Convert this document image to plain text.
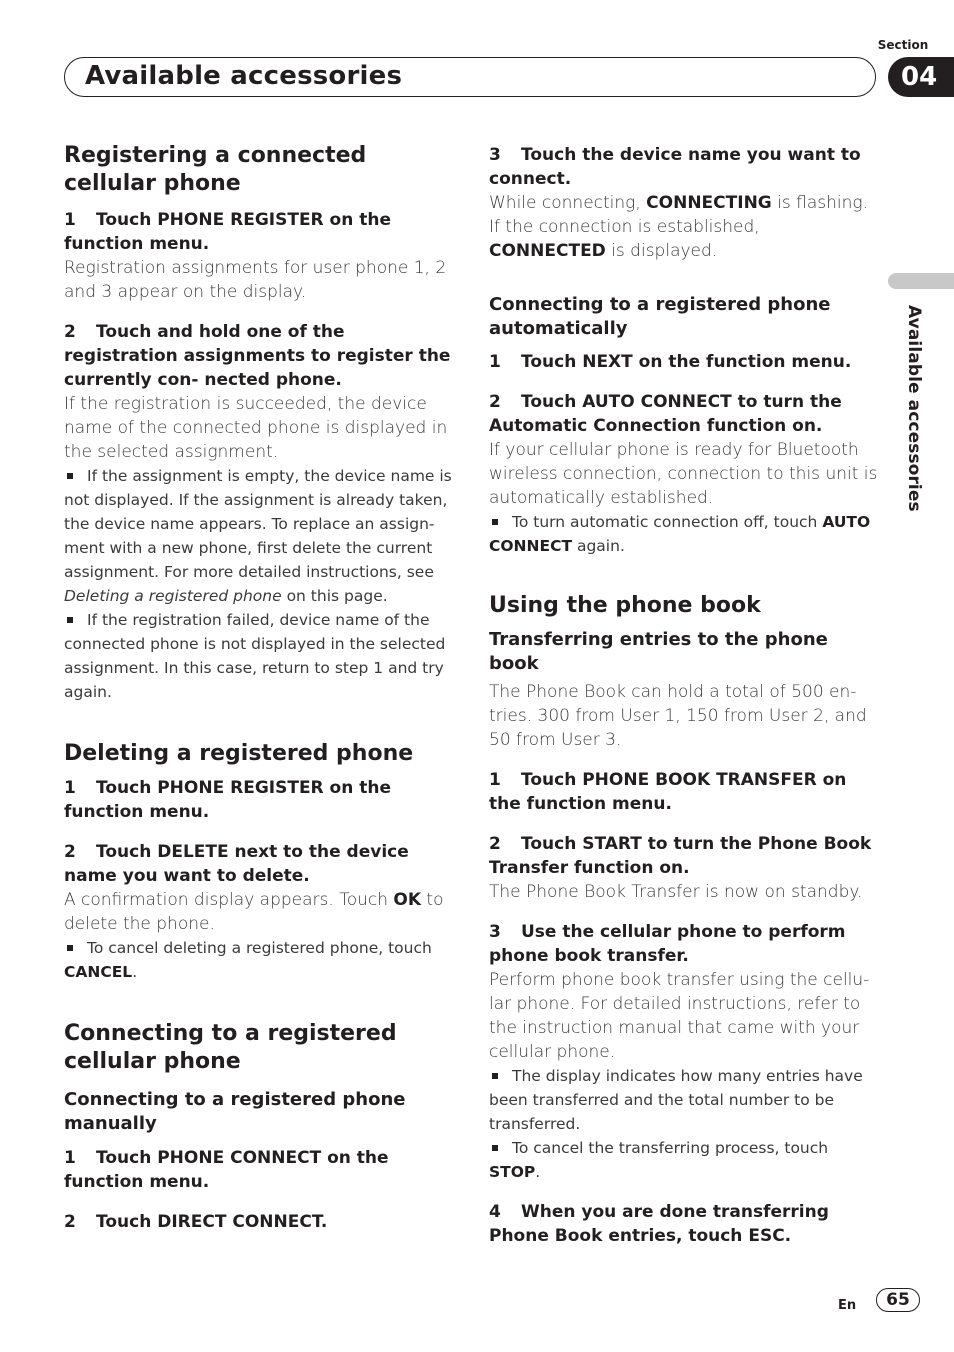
Section
Available accessories	04
Available accessories
Registering a connected cellular phone
1 Touch PHONE REGISTER on the function menu.

Registration assignments for user phone 1, 2 and 3 appear on the display.

2 Touch and hold one of the registration assignments to register the currently con- nected phone.

If the registration is succeeded, the device name of the connected phone is displayed in the selected assignment.

If the assignment is empty, the device name is not displayed. If the assignment is already taken, the device name appears. To replace an assign- ment with a new phone, first delete the current assignment. For more detailed instructions, see Deleting a registered phone on this page.

If the registration failed, device name of the connected phone is not displayed in the selected assignment. In this case, return to step 1 and try again.

Deleting a registered phone
1 Touch PHONE REGISTER on the function menu.
2 Touch DELETE next to the device name you want to delete.

A confirmation display appears. Touch OK to delete the phone.

To cancel deleting a registered phone, touch CANCEL.

Connecting to a registered cellular phone
Connecting to a registered phone manually
1 Touch PHONE CONNECT on the function menu.
2 Touch DIRECT CONNECT.
3 Touch the device name you want to connect.

While connecting, CONNECTING is flashing. If the connection is established, CONNECTED is displayed.

Connecting to a registered phone automatically
1 Touch NEXT on the function menu.
2 Touch AUTO CONNECT to turn the Automatic Connection function on.

If your cellular phone is ready for Bluetooth wireless connection, connection to this unit is automatically established.

To turn automatic connection off, touch AUTO CONNECT again.

Using the phone book
Transferring entries to the phone book

The Phone Book can hold a total of 500 en- tries. 300 from User 1, 150 from User 2, and 50 from User 3.

1 Touch PHONE BOOK TRANSFER on the function menu.
2 Touch START to turn the Phone Book Transfer function on.

The Phone Book Transfer is now on standby.

3 Use the cellular phone to perform phone book transfer.

Perform phone book transfer using the cellu- lar phone. For detailed instructions, refer to the instruction manual that came with your cellular phone.

The display indicates how many entries have been transferred and the total number to be transferred.

To cancel the transferring process, touch STOP.

4 When you are done transferring Phone Book entries, touch ESC.
En	65
